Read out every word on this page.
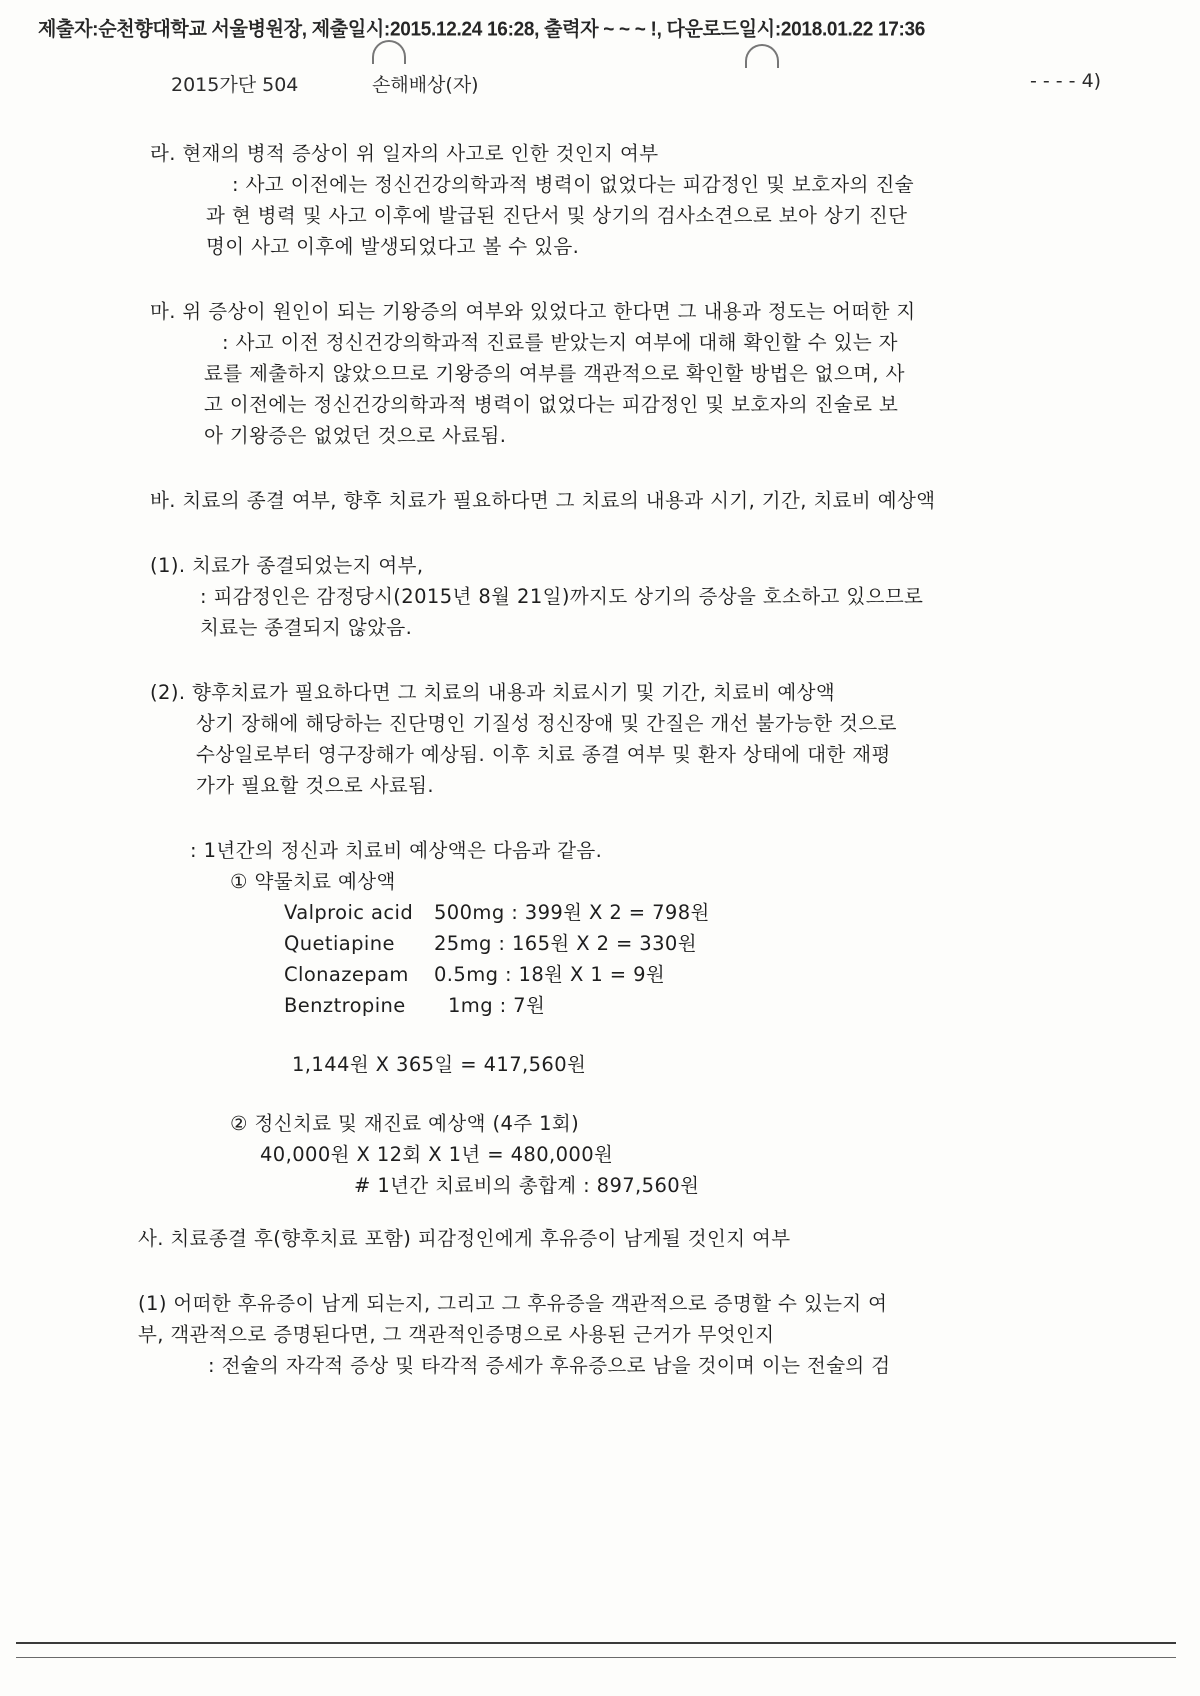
제출자:순천향대학교 서울병원장, 제출일시:2015.12.24 16:28, 출력자 ~ ~ ~ !, 다운로드일시:2018.01.22 17:36
2015가단 504	손해배상(자)	- - - - 4)
라. 현재의 병적 증상이 위 일자의 사고로 인한 것인지 여부
: 사고 이전에는 정신건강의학과적 병력이 없었다는 피감정인 및 보호자의 진술
과 현 병력 및 사고 이후에 발급된 진단서 및 상기의 검사소견으로 보아 상기 진단
명이 사고 이후에 발생되었다고 볼 수 있음.
마. 위 증상이 원인이 되는 기왕증의 여부와 있었다고 한다면 그 내용과 정도는 어떠한 지
: 사고 이전 정신건강의학과적 진료를 받았는지 여부에 대해 확인할 수 있는 자
료를 제출하지 않았으므로 기왕증의 여부를 객관적으로 확인할 방법은 없으며, 사
고 이전에는 정신건강의학과적 병력이 없었다는 피감정인 및 보호자의 진술로 보
아 기왕증은 없었던 것으로 사료됨.
바. 치료의 종결 여부, 향후 치료가 필요하다면 그 치료의 내용과 시기, 기간, 치료비 예상액
(1). 치료가 종결되었는지 여부,
: 피감정인은 감정당시(2015년 8월 21일)까지도 상기의 증상을 호소하고 있으므로
치료는 종결되지 않았음.
(2). 향후치료가 필요하다면 그 치료의 내용과 치료시기 및 기간, 치료비 예상액
상기 장해에 해당하는 진단명인 기질성 정신장애 및 간질은 개선 불가능한 것으로
수상일로부터 영구장해가 예상됨. 이후 치료 종결 여부 및 환자 상태에 대한 재평
가가 필요할 것으로 사료됨.
: 1년간의 정신과 치료비 예상액은 다음과 같음.
① 약물치료 예상액
Valproic acid	500mg : 399원 X 2 = 798원
Quetiapine	25mg : 165원 X 2 = 330원
Clonazepam	0.5mg : 18원 X 1 = 9원
Benztropine	1mg : 7원
1,144원 X 365일 = 417,560원
② 정신치료 및 재진료 예상액 (4주 1회)
40,000원 X 12회 X 1년 = 480,000원
# 1년간 치료비의 총합계 : 897,560원
사. 치료종결 후(향후치료 포함) 피감정인에게 후유증이 남게될 것인지 여부
(1) 어떠한 후유증이 남게 되는지, 그리고 그 후유증을 객관적으로 증명할 수 있는지 여
부, 객관적으로 증명된다면, 그 객관적인증명으로 사용된 근거가 무엇인지
: 전술의 자각적 증상 및 타각적 증세가 후유증으로 남을 것이며 이는 전술의 검
